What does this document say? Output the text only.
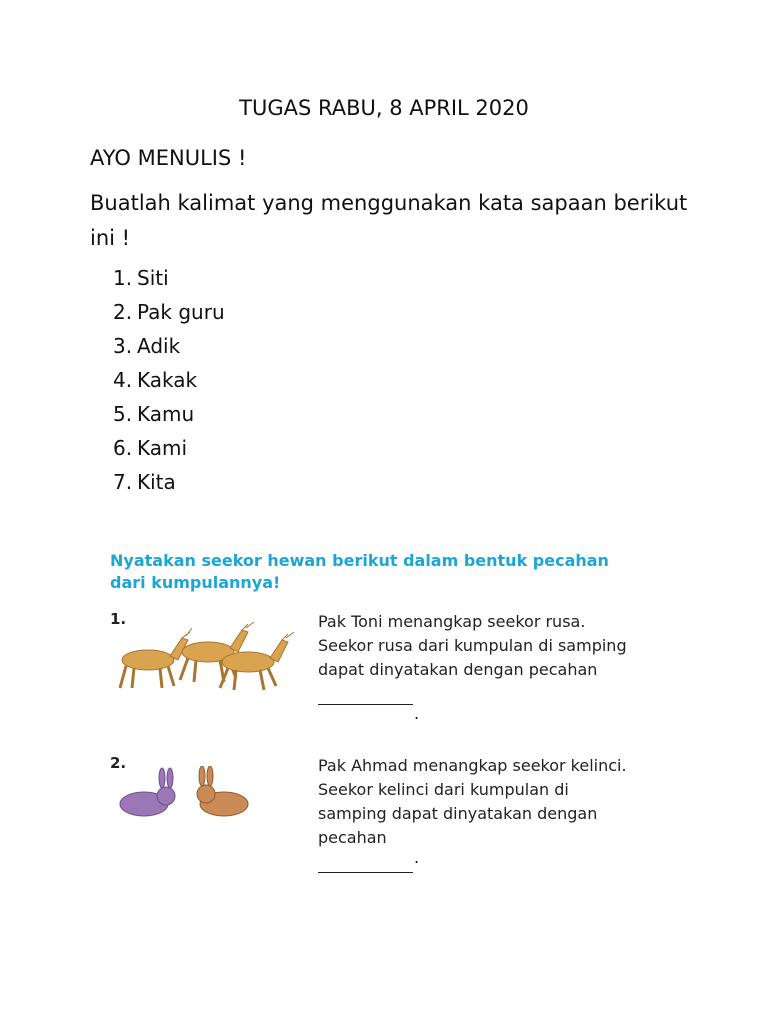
TUGAS RABU, 8 APRIL 2020
AYO MENULIS !
Buatlah kalimat yang menggunakan kata sapaan berikut ini !
1. Siti
2. Pak guru
3. Adik
4. Kakak
5. Kamu
6. Kami
7. Kita
Nyatakan seekor hewan berikut dalam bentuk pecahan dari kumpulannya!
1.	Pak Toni menangkap seekor rusa. Seekor rusa dari kumpulan di samping dapat dinyatakan dengan pecahan
.
2.	Pak Ahmad menangkap seekor kelinci. Seekor kelinci dari kumpulan di samping dapat dinyatakan dengan pecahan
.
